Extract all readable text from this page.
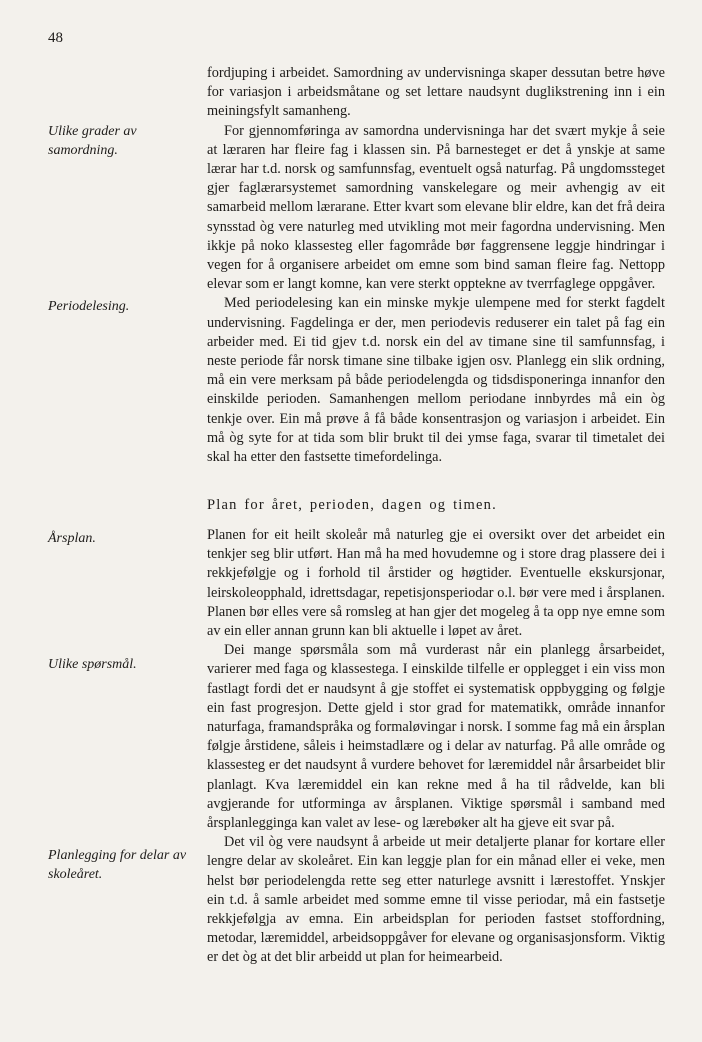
48
Ulike grader av samordning.
Periodelesing.
Årsplan.
Ulike spørsmål.
Planlegging for delar av skoleåret.

fordjuping i arbeidet. Samordning av undervisninga skaper dessutan betre høve for variasjon i arbeidsmåtane og set lettare naudsynt duglikstrening inn i ein meiningsfylt samanheng.

For gjennomføringa av samordna undervisninga har det svært mykje å seie at læraren har fleire fag i klassen sin. På barnesteget er det å ynskje at same lærar har t.d. norsk og samfunnsfag, eventuelt også naturfag. På ungdomssteget gjer faglærarsystemet samordning vanskelegare og meir avhengig av eit samarbeid mellom lærarane. Etter kvart som elevane blir eldre, kan det frå deira synsstad òg vere naturleg med utvikling mot meir fagordna undervisning. Men ikkje på noko klassesteg eller fagområde bør faggrensene leggje hindringar i vegen for å organisere arbeidet om emne som bind saman fleire fag. Nettopp elevar som er langt komne, kan vere sterkt opptekne av tverrfaglege oppgåver.

Med periodelesing kan ein minske mykje ulempene med for sterkt fagdelt undervisning. Fagdelinga er der, men periodevis reduserer ein talet på fag ein arbeider med. Ei tid gjev t.d. norsk ein del av timane sine til samfunnsfag, i neste periode får norsk timane sine tilbake igjen osv. Planlegg ein slik ordning, må ein vere merksam på både periodelengda og tidsdisponeringa innanfor den einskilde perioden. Samanhengen mellom periodane innbyrdes må ein òg tenkje over. Ein må prøve å få både konsentrasjon og variasjon i arbeidet. Ein må òg syte for at tida som blir brukt til dei ymse faga, svarar til timetalet dei skal ha etter den fastsette timefordelinga.

Plan for året, perioden, dagen og timen.

Planen for eit heilt skoleår må naturleg gje ei oversikt over det arbeidet ein tenkjer seg blir utført. Han må ha med hovudemne og i store drag plassere dei i rekkjefølgje og i forhold til årstider og høgtider. Eventuelle ekskursjonar, leirskoleopphald, idrettsdagar, repetisjonsperiodar o.l. bør vere med i årsplanen. Planen bør elles vere så romsleg at han gjer det mogeleg å ta opp nye emne som av ein eller annan grunn kan bli aktuelle i løpet av året.

Dei mange spørsmåla som må vurderast når ein planlegg årsarbeidet, varierer med faga og klassestega. I einskilde tilfelle er opplegget i ein viss mon fastlagt fordi det er naudsynt å gje stoffet ei systematisk oppbygging og følgje ein fast progresjon. Dette gjeld i stor grad for matematikk, område innanfor naturfaga, framandspråka og formaløvingar i norsk. I somme fag må ein årsplan følgje årstidene, såleis i heimstadlære og i delar av naturfag. På alle område og klassesteg er det naudsynt å vurdere behovet for læremiddel når årsarbeidet blir planlagt. Kva læremiddel ein kan rekne med å ha til rådvelde, kan bli avgjerande for utforminga av årsplanen. Viktige spørsmål i samband med årsplanlegginga kan valet av lese- og lærebøker alt ha gjeve eit svar på.

Det vil òg vere naudsynt å arbeide ut meir detaljerte planar for kortare eller lengre delar av skoleåret. Ein kan leggje plan for ein månad eller ei veke, men helst bør periodelengda rette seg etter naturlege avsnitt i lærestoffet. Ynskjer ein t.d. å samle arbeidet med somme emne til visse periodar, må ein fastsetje rekkjefølgja av emna. Ein arbeidsplan for perioden fastset stoffordning, metodar, læremiddel, arbeidsoppgåver for elevane og organisasjonsform. Viktig er det òg at det blir arbeidd ut plan for heimearbeid.
